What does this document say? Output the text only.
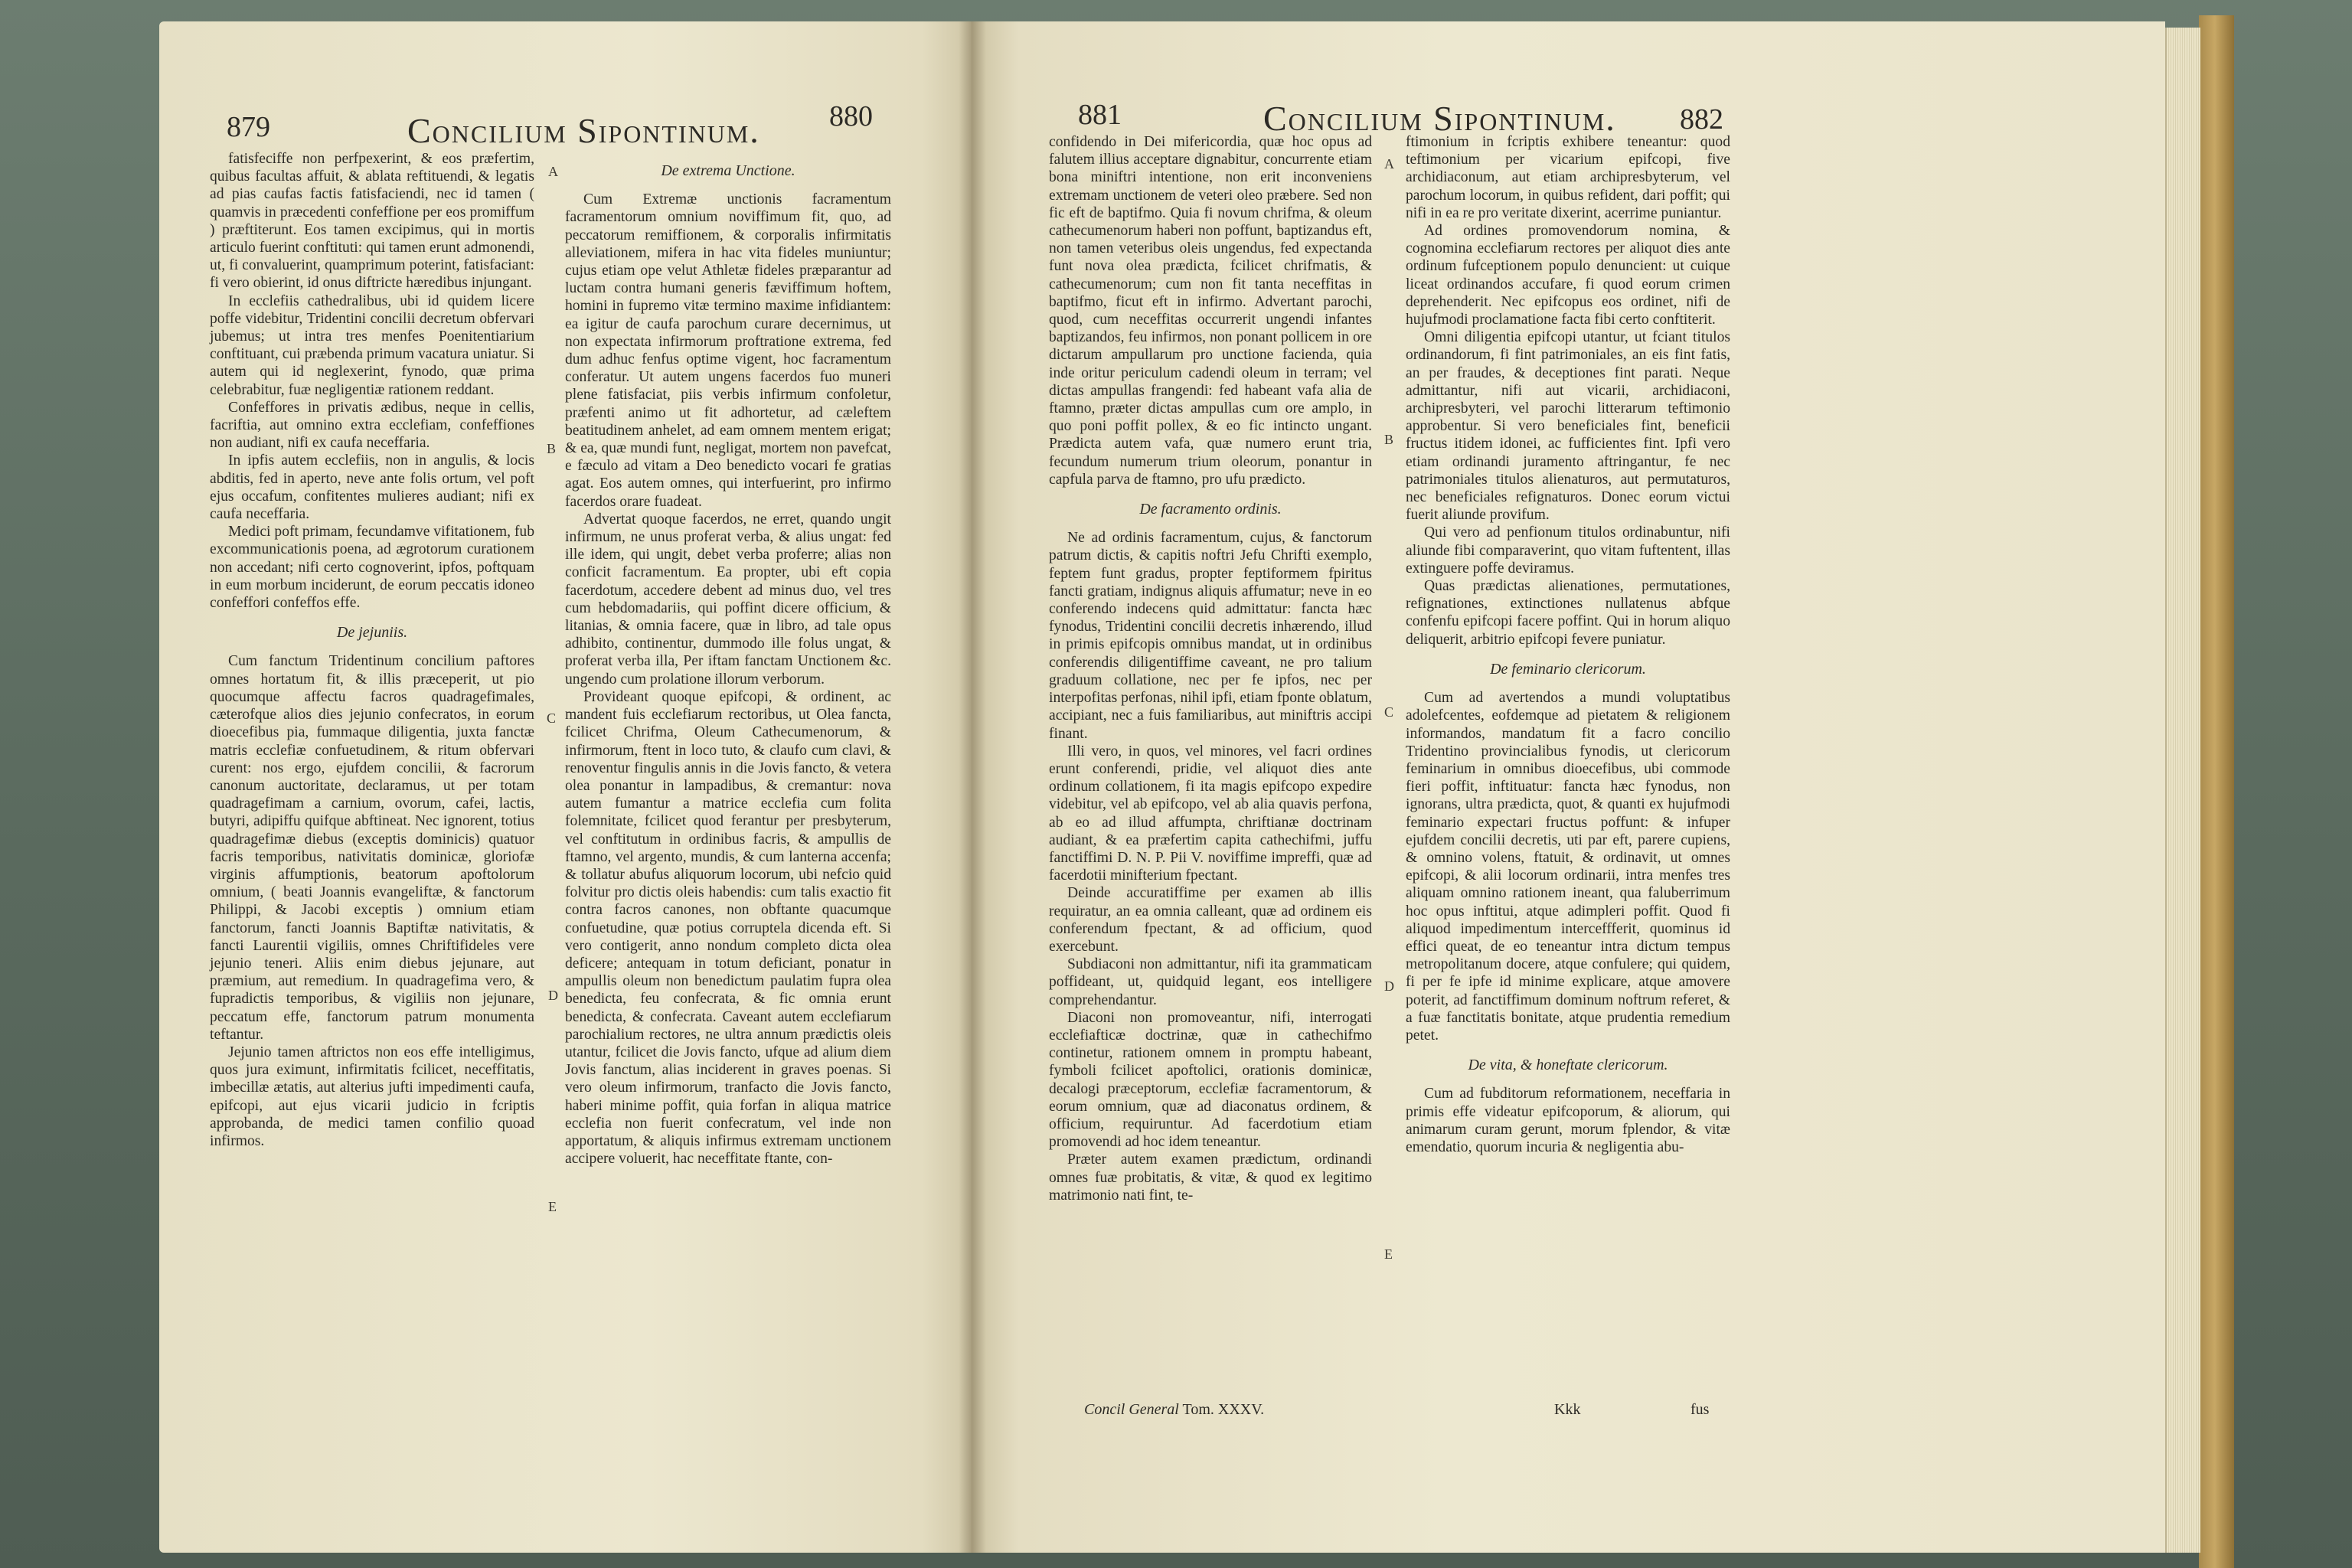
879	Concilium Sipontinum. 880

fatisfeciffe non perfpexerint, & eos præfertim, quibus facultas affuit, & ablata reftituendi, & legatis ad pias caufas factis fatisfaciendi, nec id tamen ( quamvis in præcedenti confeffione per eos promiffum ) præftiterunt. Eos tamen excipimus, qui in mortis articulo fuerint conftituti: qui tamen erunt admonendi, ut, fi convaluerint, quamprimum poterint, fatisfaciant: fi vero obierint, id onus diftricte hæredibus injungant.

In ecclefiis cathedralibus, ubi id quidem licere poffe videbitur, Tridentini concilii decretum obfervari jubemus; ut intra tres menfes Poenitentiarium conftituant, cui præbenda primum vacatura uniatur. Si autem qui id neglexerint, fynodo, quæ prima celebrabitur, fuæ negligentiæ rationem reddant.

Confeffores in privatis ædibus, neque in cellis, facriftia, aut omnino extra ecclefiam, confeffiones non audiant, nifi ex caufa neceffaria.

In ipfis autem ecclefiis, non in angulis, & locis abditis, fed in aperto, neve ante folis ortum, vel poft ejus occafum, confitentes mulieres audiant; nifi ex caufa neceffaria.

Medici poft primam, fecundamve vifitationem, fub excommunicationis poena, ad ægrotorum curationem non accedant; nifi certo cognoverint, ipfos, poftquam in eum morbum inciderunt, de eorum peccatis idoneo confeffori confeffos effe.

De jejuniis.

Cum fanctum Tridentinum concilium paftores omnes hortatum fit, & illis præceperit, ut pio quocumque affectu facros quadragefimales, cæterofque alios dies jejunio confecratos, in eorum dioecefibus pia, fummaque diligentia, juxta fanctæ matris ecclefiæ confuetudinem, & ritum obfervari curent: nos ergo, ejufdem concilii, & facrorum canonum auctoritate, declaramus, ut per totam quadragefimam a carnium, ovorum, cafei, lactis, butyri, adipiffu quifque abftineat. Nec ignorent, totius quadragefimæ diebus (exceptis dominicis) quatuor facris temporibus, nativitatis dominicæ, gloriofæ virginis affumptionis, beatorum apoftolorum omnium, ( beati Joannis evangeliftæ, & fanctorum Philippi, & Jacobi exceptis ) omnium etiam fanctorum, fancti Joannis Baptiftæ nativitatis, & fancti Laurentii vigiliis, omnes Chriftifideles vere jejunio teneri. Aliis enim diebus jejunare, aut præmium, aut remedium. In quadragefima vero, & fupradictis temporibus, & vigiliis non jejunare, peccatum effe, fanctorum patrum monumenta teftantur.

Jejunio tamen aftrictos non eos effe intelligimus, quos jura eximunt, infirmitatis fcilicet, neceffitatis, imbecillæ ætatis, aut alterius jufti impedimenti caufa, epifcopi, aut ejus vicarii judicio in fcriptis approbanda, de medici tamen confilio quoad infirmos.

De extrema Unctione.

Cum Extremæ unctionis facramentum facramentorum omnium noviffimum fit, quo, ad peccatorum remiffionem, & corporalis infirmitatis alleviationem, mifera in hac vita fideles muniuntur; cujus etiam ope velut Athletæ fideles præparantur ad luctam contra humani generis fæviffimum hoftem, homini in fupremo vitæ termino maxime infidiantem: ea igitur de caufa parochum curare decernimus, ut non expectata infirmorum proftratione extrema, fed dum adhuc fenfus optime vigent, hoc facramentum conferatur. Ut autem ungens facerdos fuo muneri plene fatisfaciat, piis verbis infirmum confoletur, præfenti animo ut fit adhortetur, ad cæleftem beatitudinem anhelet, ad eam omnem mentem erigat; & ea, quæ mundi funt, negligat, mortem non pavefcat, e fæculo ad vitam a Deo benedicto vocari fe gratias agat. Eos autem omnes, qui interfuerint, pro infirmo facerdos orare fuadeat.

Advertat quoque facerdos, ne erret, quando ungit infirmum, ne unus proferat verba, & alius ungat: fed ille idem, qui ungit, debet verba proferre; alias non conficit facramentum. Ea propter, ubi eft copia facerdotum, accedere debent ad minus duo, vel tres cum hebdomadariis, qui poffint dicere officium, & litanias, & omnia facere, quæ in libro, ad tale opus adhibito, continentur, dummodo ille folus ungat, & proferat verba illa, Per iftam fanctam Unctionem &c. ungendo cum prolatione illorum verborum.

Provideant quoque epifcopi, & ordinent, ac mandent fuis ecclefiarum rectoribus, ut Olea fancta, fcilicet Chrifma, Oleum Cathecumenorum, & infirmorum, ftent in loco tuto, & claufo cum clavi, & renoventur fingulis annis in die Jovis fancto, & vetera olea ponantur in lampadibus, & cremantur: nova autem fumantur a matrice ecclefia cum folita folemnitate, fcilicet quod ferantur per presbyterum, vel conftitutum in ordinibus facris, & ampullis de ftamno, vel argento, mundis, & cum lanterna accenfa; & tollatur abufus aliquorum locorum, ubi nefcio quid folvitur pro dictis oleis habendis: cum talis exactio fit contra facros canones, non obftante quacumque confuetudine, quæ potius corruptela dicenda eft. Si vero contigerit, anno nondum completo dicta olea deficere; antequam in totum deficiant, ponatur in ampullis oleum non benedictum paulatim fupra olea benedicta, feu confecrata, & fic omnia erunt benedicta, & confecrata. Caveant autem ecclefiarum parochialium rectores, ne ultra annum prædictis oleis utantur, fcilicet die Jovis fancto, ufque ad alium diem Jovis fanctum, alias inciderent in graves poenas. Si vero oleum infirmorum, tranfacto die Jovis fancto, haberi minime poffit, quia forfan in aliqua matrice ecclefia non fuerit confecratum, vel inde non apportatum, & aliquis infirmus extremam unctionem accipere voluerit, hac neceffitate ftante, con-

A
B
C
D
E
881	Concilium Sipontinum. 882

confidendo in Dei mifericordia, quæ hoc opus ad falutem illius acceptare dignabitur, concurrente etiam bona miniftri intentione, non erit inconveniens extremam unctionem de veteri oleo præbere. Sed non fic eft de baptifmo. Quia fi novum chrifma, & oleum cathecumenorum haberi non poffunt, baptizandus eft, non tamen veteribus oleis ungendus, fed expectanda funt nova olea prædicta, fcilicet chrifmatis, & cathecumenorum; cum non fit tanta neceffitas in baptifmo, ficut eft in infirmo. Advertant parochi, quod, cum neceffitas occurrerit ungendi infantes baptizandos, feu infirmos, non ponant pollicem in ore dictarum ampullarum pro unctione facienda, quia inde oritur periculum cadendi oleum in terram; vel dictas ampullas frangendi: fed habeant vafa alia de ftamno, præter dictas ampullas cum ore amplo, in quo poni poffit pollex, & eo fic intincto ungant. Prædicta autem vafa, quæ numero erunt tria, fecundum numerum trium oleorum, ponantur in capfula parva de ftamno, pro ufu prædicto.

De facramento ordinis.

Ne ad ordinis facramentum, cujus, & fanctorum patrum dictis, & capitis noftri Jefu Chrifti exemplo, feptem funt gradus, propter feptiformem fpiritus fancti gratiam, indignus aliquis affumatur; neve in eo conferendo indecens quid admittatur: fancta hæc fynodus, Tridentini concilii decretis inhærendo, illud in primis epifcopis omnibus mandat, ut in ordinibus conferendis diligentiffime caveant, ne pro talium graduum collatione, nec per fe ipfos, nec per interpofitas perfonas, nihil ipfi, etiam fponte oblatum, accipiant, nec a fuis familiaribus, aut miniftris accipi finant.

Illi vero, in quos, vel minores, vel facri ordines erunt conferendi, pridie, vel aliquot dies ante ordinum collationem, fi ita magis epifcopo expedire videbitur, vel ab epifcopo, vel ab alia quavis perfona, ab eo ad illud affumpta, chriftianæ doctrinam audiant, & ea præfertim capita cathechifmi, juffu fanctiffimi D. N. P. Pii V. noviffime impreffi, quæ ad facerdotii minifterium fpectant.

Deinde accuratiffime per examen ab illis requiratur, an ea omnia calleant, quæ ad ordinem eis conferendum fpectant, & ad officium, quod exercebunt.

Subdiaconi non admittantur, nifi ita grammaticam poffideant, ut, quidquid legant, eos intelligere comprehendantur.

Diaconi non promoveantur, nifi, interrogati ecclefiafticæ doctrinæ, quæ in cathechifmo continetur, rationem omnem in promptu habeant, fymboli fcilicet apoftolici, orationis dominicæ, decalogi præceptorum, ecclefiæ facramentorum, & eorum omnium, quæ ad diaconatus ordinem, & officium, requiruntur. Ad facerdotium etiam promovendi ad hoc idem teneantur.

Præter autem examen prædictum, ordinandi omnes fuæ probitatis, & vitæ, & quod ex legitimo matrimonio nati fint, te-

ftimonium in fcriptis exhibere teneantur: quod teftimonium per vicarium epifcopi, five archidiaconum, aut etiam archipresbyterum, vel parochum locorum, in quibus refident, dari poffit; qui nifi in ea re pro veritate dixerint, acerrime puniantur.

Ad ordines promovendorum nomina, & cognomina ecclefiarum rectores per aliquot dies ante ordinum fufceptionem populo denuncient: ut cuique liceat ordinandos accufare, fi quod eorum crimen deprehenderit. Nec epifcopus eos ordinet, nifi de hujufmodi proclamatione facta fibi certo conftiterit.

Omni diligentia epifcopi utantur, ut fciant titulos ordinandorum, fi fint patrimoniales, an eis fint fatis, an per fraudes, & deceptiones fint parati. Neque admittantur, nifi aut vicarii, archidiaconi, archipresbyteri, vel parochi litterarum teftimonio approbentur. Si vero beneficiales fint, beneficii fructus itidem idonei, ac fufficientes fint. Ipfi vero etiam ordinandi juramento aftringantur, fe nec patrimoniales titulos alienaturos, aut permutaturos, nec beneficiales refignaturos. Donec eorum victui fuerit aliunde provifum.

Qui vero ad penfionum titulos ordinabuntur, nifi aliunde fibi comparaverint, quo vitam fuftentent, illas extinguere poffe deviramus.

Quas prædictas alienationes, permutationes, refignationes, extinctiones nullatenus abfque confenfu epifcopi facere poffint. Qui in horum aliquo deliquerit, arbitrio epifcopi fevere puniatur.

De feminario clericorum.

Cum ad avertendos a mundi voluptatibus adolefcentes, eofdemque ad pietatem & religionem informandos, mandatum fit a facro concilio Tridentino provincialibus fynodis, ut clericorum feminarium in omnibus dioecefibus, ubi commode fieri poffit, inftituatur: fancta hæc fynodus, non ignorans, ultra prædicta, quot, & quanti ex hujufmodi feminario expectari fructus poffunt: & infuper ejufdem concilii decretis, uti par eft, parere cupiens, & omnino volens, ftatuit, & ordinavit, ut omnes epifcopi, & alii locorum ordinarii, intra menfes tres aliquam omnino rationem ineant, qua faluberrimum hoc opus inftitui, atque adimpleri poffit. Quod fi aliquod impedimentum interceffferit, quominus id effici queat, de eo teneantur intra dictum tempus metropolitanum docere, atque confulere; qui quidem, fi per fe ipfe id minime explicare, atque amovere poterit, ad fanctiffimum dominum noftrum referet, & a fuæ fanctitatis bonitate, atque prudentia remedium petet.

De vita, & honeftate clericorum.

Cum ad fubditorum reformationem, neceffaria in primis effe videatur epifcoporum, & aliorum, qui animarum curam gerunt, morum fplendor, & vitæ emendatio, quorum incuria & negligentia abu-

A
B
C
D
E
Concil General Tom. XXXV.	Kkk	fus
